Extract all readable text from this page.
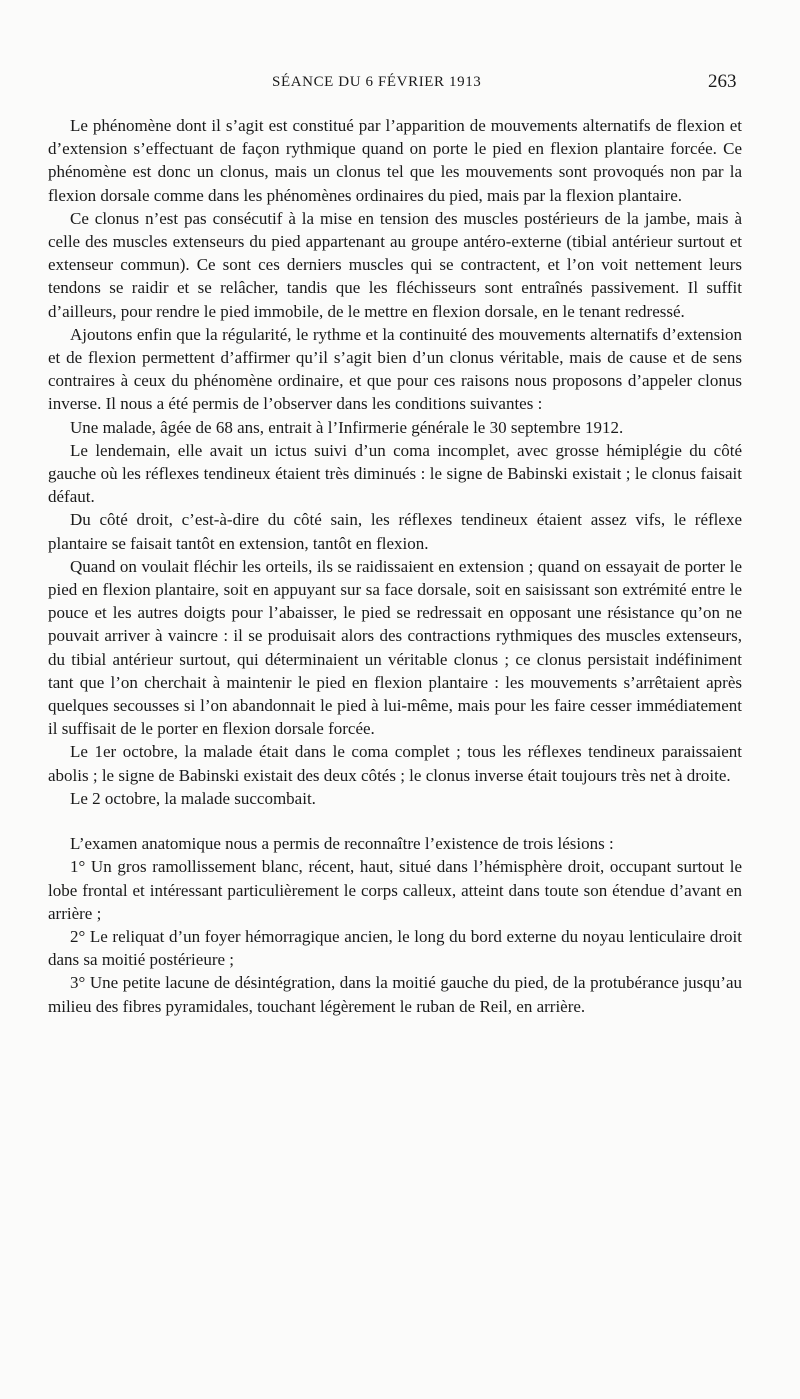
SÉANCE DU 6 FÉVRIER 1913	263

Le phénomène dont il s’agit est constitué par l’apparition de mouvements alternatifs de flexion et d’extension s’effectuant de façon rythmique quand on porte le pied en flexion plantaire forcée. Ce phénomène est donc un clonus, mais un clonus tel que les mouvements sont provoqués non par la flexion dorsale comme dans les phénomènes ordinaires du pied, mais par la flexion plantaire.

Ce clonus n’est pas consécutif à la mise en tension des muscles postérieurs de la jambe, mais à celle des muscles extenseurs du pied appartenant au groupe antéro-externe (tibial antérieur surtout et extenseur commun). Ce sont ces derniers muscles qui se contractent, et l’on voit nettement leurs tendons se raidir et se relâcher, tandis que les fléchisseurs sont entraînés passivement. Il suffit d’ailleurs, pour rendre le pied immobile, de le mettre en flexion dorsale, en le tenant redressé.

Ajoutons enfin que la régularité, le rythme et la continuité des mouvements alternatifs d’extension et de flexion permettent d’affirmer qu’il s’agit bien d’un clonus véritable, mais de cause et de sens contraires à ceux du phénomène ordinaire, et que pour ces raisons nous proposons d’appeler clonus inverse. Il nous a été permis de l’observer dans les conditions suivantes :

Une malade, âgée de 68 ans, entrait à l’Infirmerie générale le 30 septembre 1912.

Le lendemain, elle avait un ictus suivi d’un coma incomplet, avec grosse hémiplégie du côté gauche où les réflexes tendineux étaient très diminués : le signe de Babinski existait ; le clonus faisait défaut.

Du côté droit, c’est-à-dire du côté sain, les réflexes tendineux étaient assez vifs, le réflexe plantaire se faisait tantôt en extension, tantôt en flexion.

Quand on voulait fléchir les orteils, ils se raidissaient en extension ; quand on essayait de porter le pied en flexion plantaire, soit en appuyant sur sa face dorsale, soit en saisissant son extrémité entre le pouce et les autres doigts pour l’abaisser, le pied se redressait en opposant une résistance qu’on ne pouvait arriver à vaincre : il se produisait alors des contractions rythmiques des muscles extenseurs, du tibial antérieur surtout, qui déterminaient un véritable clonus ; ce clonus persistait indéfiniment tant que l’on cherchait à maintenir le pied en flexion plantaire : les mouvements s’arrêtaient après quelques secousses si l’on abandonnait le pied à lui-même, mais pour les faire cesser immédiatement il suffisait de le porter en flexion dorsale forcée.

Le 1er octobre, la malade était dans le coma complet ; tous les réflexes tendineux paraissaient abolis ; le signe de Babinski existait des deux côtés ; le clonus inverse était toujours très net à droite.

Le 2 octobre, la malade succombait.

L’examen anatomique nous a permis de reconnaître l’existence de trois lésions :

1° Un gros ramollissement blanc, récent, haut, situé dans l’hémisphère droit, occupant surtout le lobe frontal et intéressant particulièrement le corps calleux, atteint dans toute son étendue d’avant en arrière ;

2° Le reliquat d’un foyer hémorragique ancien, le long du bord externe du noyau lenticulaire droit dans sa moitié postérieure ;

3° Une petite lacune de désintégration, dans la moitié gauche du pied, de la protubérance jusqu’au milieu des fibres pyramidales, touchant légèrement le ruban de Reil, en arrière.
